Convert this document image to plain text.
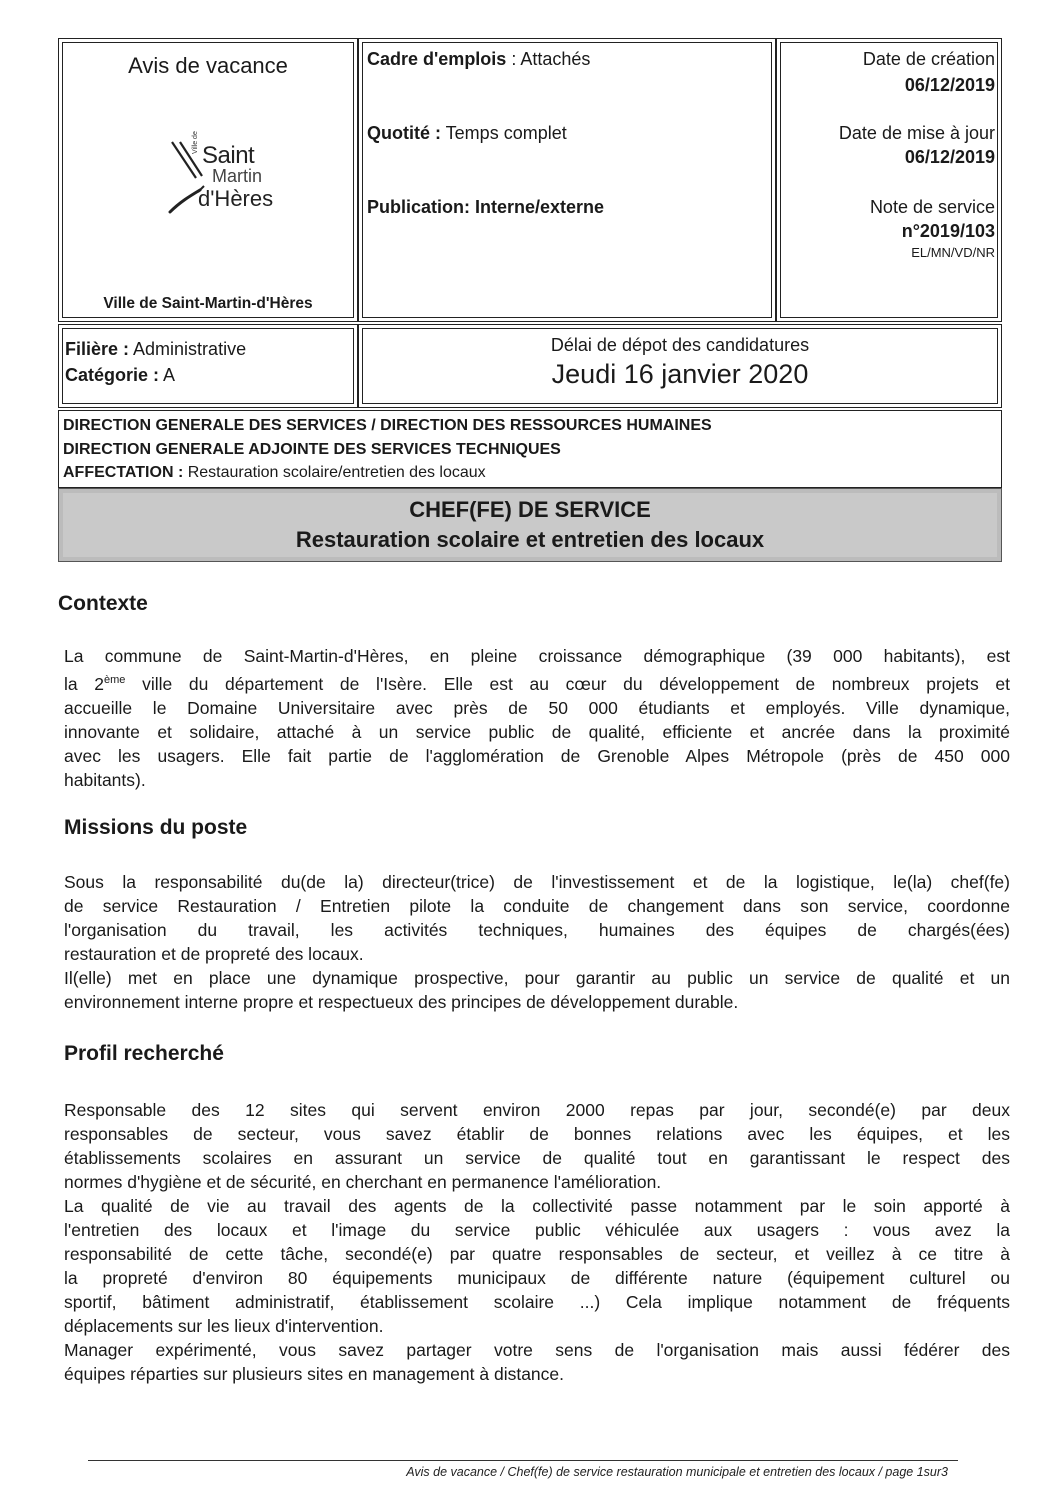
Avis de vacance
Ville de Saint-Martin-d'Hères
Ville de Saint
Martin
d'Hères
Cadre d'emplois : Attachés
Quotité : Temps complet
Publication: Interne/externe
Date de création
06/12/2019
Date de mise à jour
06/12/2019
Note de service
n°2019/103
EL/MN/VD/NR
Filière : Administrative
Catégorie : A
Délai de dépot des candidatures
Jeudi 16 janvier 2020
DIRECTION GENERALE DES SERVICES / DIRECTION DES RESSOURCES HUMAINES
DIRECTION GENERALE ADJOINTE DES SERVICES TECHNIQUES
AFFECTATION : Restauration scolaire/entretien des locaux
CHEF(FE) DE SERVICE
Restauration scolaire et entretien des locaux
Contexte
La commune de Saint-Martin-d'Hères, en pleine croissance démographique (39 000 habitants), est
la 2ème ville du département de l'Isère. Elle est au cœur du développement de nombreux projets et
accueille le Domaine Universitaire avec près de 50 000 étudiants et employés. Ville dynamique,
innovante et solidaire, attaché à un service public de qualité, efficiente et ancrée dans la proximité
avec les usagers. Elle fait partie de l'agglomération de Grenoble Alpes Métropole (près de 450 000
habitants).
Missions du poste
Sous la responsabilité du(de la) directeur(trice) de l'investissement et de la logistique, le(la) chef(fe)
de service Restauration / Entretien pilote la conduite de changement dans son service, coordonne
l'organisation du travail, les activités techniques, humaines des équipes de chargés(ées)
restauration et de propreté des locaux.
Il(elle) met en place une dynamique prospective, pour garantir au public un service de qualité et un
environnement interne propre et respectueux des principes de développement durable.
Profil recherché
Responsable des 12 sites qui servent environ 2000 repas par jour, secondé(e) par deux
responsables de secteur, vous savez établir de bonnes relations avec les équipes, et les
établissements scolaires en assurant un service de qualité tout en garantissant le respect des
normes d'hygiène et de sécurité, en cherchant en permanence l'amélioration.
La qualité de vie au travail des agents de la collectivité passe notamment par le soin apporté à
l'entretien des locaux et l'image du service public véhiculée aux usagers : vous avez la
responsabilité de cette tâche, secondé(e) par quatre responsables de secteur, et veillez à ce titre à
la propreté d'environ 80 équipements municipaux de différente nature (équipement culturel ou
sportif, bâtiment administratif, établissement scolaire ...) Cela implique notamment de fréquents
déplacements sur les lieux d'intervention.
Manager expérimenté, vous savez partager votre sens de l'organisation mais aussi fédérer des
équipes réparties sur plusieurs sites en management à distance.
Avis de vacance / Chef(fe) de service restauration municipale et entretien des locaux / page 1sur3
